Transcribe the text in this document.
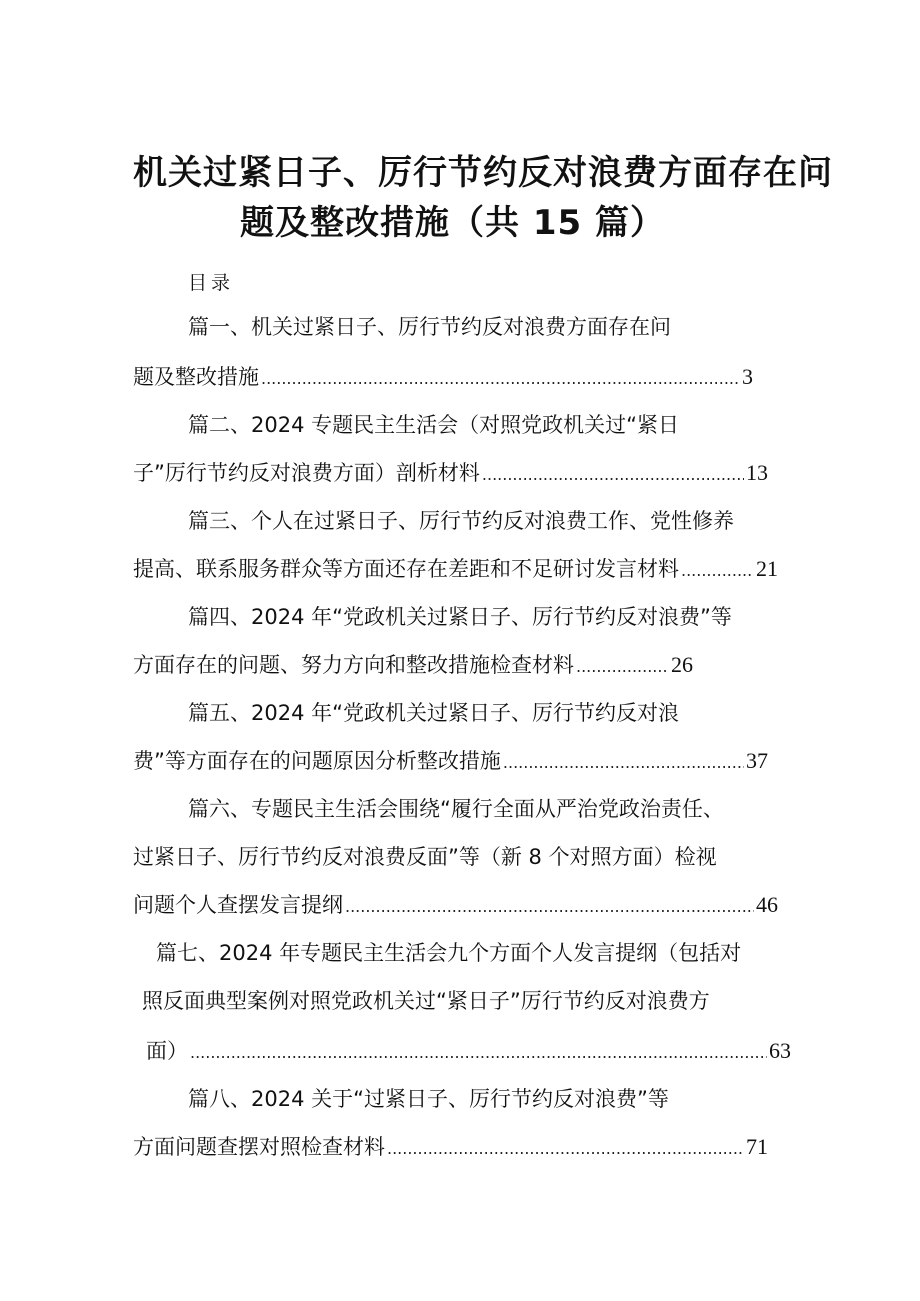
机关过紧日子、厉行节约反对浪费方面存在问
题及整改措施（共 15 篇）
目录
篇一、机关过紧日子、厉行节约反对浪费方面存在问
题及整改措施 .....	3
篇二、2024 专题民主生活会（对照党政机关过“紧日
子”厉行节约反对浪费方面）剖析材料 .....	13
篇三、个人在过紧日子、厉行节约反对浪费工作、党性修养
提高、联系服务群众等方面还存在差距和不足研讨发言材料 .....	21
篇四、2024 年“党政机关过紧日子、厉行节约反对浪费”等
方面存在的问题、努力方向和整改措施检查材料 .....	26
篇五、2024 年“党政机关过紧日子、厉行节约反对浪
费”等方面存在的问题原因分析整改措施 .....	37
篇六、专题民主生活会围绕“履行全面从严治党政治责任、
过紧日子、厉行节约反对浪费反面”等（新 8 个对照方面）检视
问题个人查摆发言提纲 .....	46
篇七、2024 年专题民主生活会九个方面个人发言提纲（包括对
照反面典型案例对照党政机关过“紧日子”厉行节约反对浪费方
面） .....	63
篇八、2024 关于“过紧日子、厉行节约反对浪费”等
方面问题查摆对照检查材料 .....	71
